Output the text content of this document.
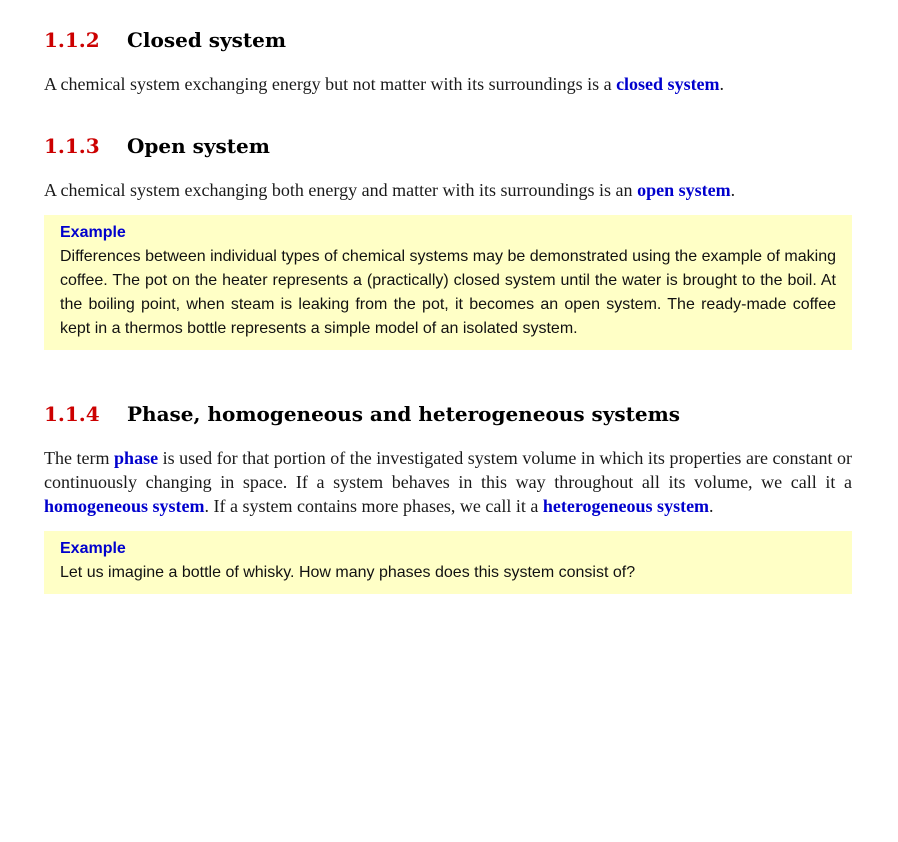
1.1.2 Closed system

A chemical system exchanging energy but not matter with its surroundings is a closed system.

1.1.3 Open system

A chemical system exchanging both energy and matter with its surroundings is an open system.

Example
Differences between individual types of chemical systems may be demonstrated using the example of making coffee. The pot on the heater represents a (practically) closed system until the water is brought to the boil. At the boiling point, when steam is leaking from the pot, it becomes an open system. The ready-made coffee kept in a thermos bottle represents a simple model of an isolated system.
1.1.4 Phase, homogeneous and heterogeneous systems

The term phase is used for that portion of the investigated system volume in which its properties are constant or continuously changing in space. If a system behaves in this way throughout all its volume, we call it a homogeneous system. If a system contains more phases, we call it a heterogeneous system.

Example
Let us imagine a bottle of whisky. How many phases does this system consist of?
